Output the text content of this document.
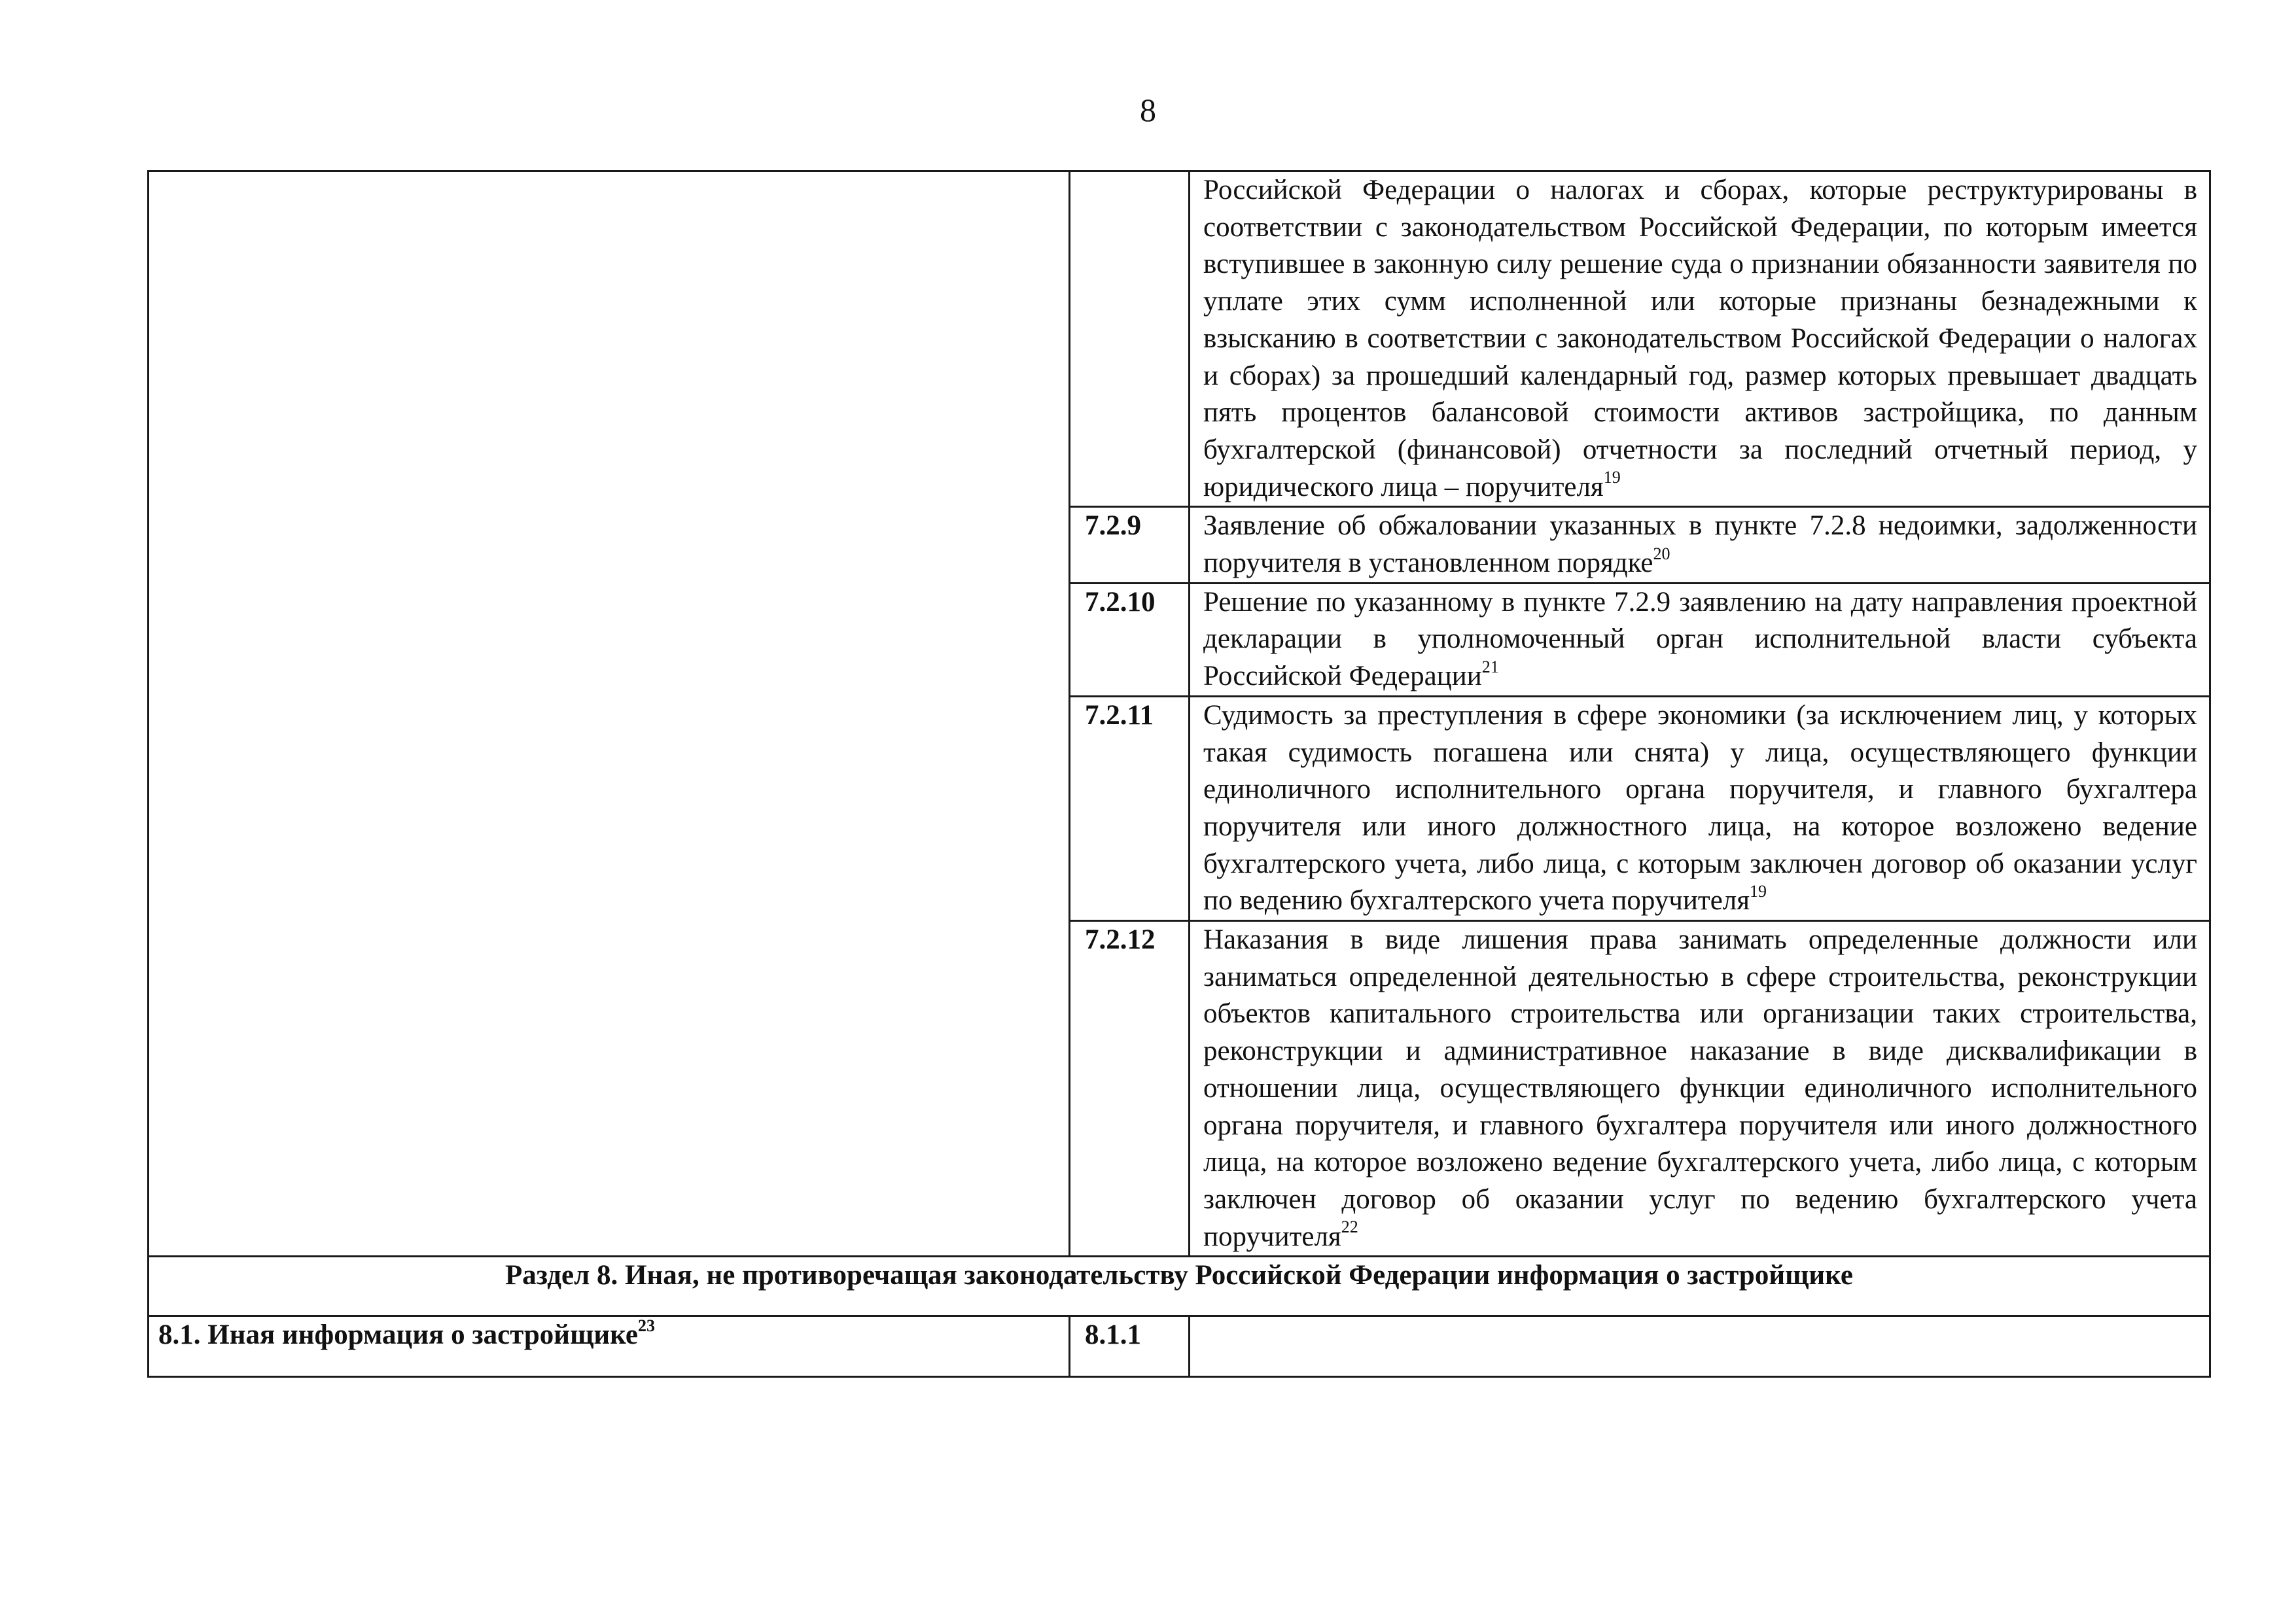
8
		Российской Федерации о налогах и сборах, которые реструктурированы в соответствии с законодательством Российской Федерации, по которым имеется вступившее в законную силу решение суда о признании обязанности заявителя по уплате этих сумм исполненной или которые признаны безнадежными к взысканию в соответствии с законодательством Российской Федерации о налогах и сборах) за прошедший календарный год, размер которых превышает двадцать пять процентов балансовой стоимости активов застройщика, по данным бухгалтерской (финансовой) отчетности за последний отчетный период, у юридического лица – поручителя$^{19}$
	7.2.9	Заявление об обжаловании указанных в пункте 7.2.8 недоимки, задолженности поручителя в установленном порядке$^{20}$
	7.2.10	Решение по указанному в пункте 7.2.9 заявлению на дату направления проектной декларации в уполномоченный орган исполнительной власти субъекта Российской Федерации$^{21}$
	7.2.11	Судимость за преступления в сфере экономики (за исключением лиц, у которых такая судимость погашена или снята) у лица, осуществляющего функции единоличного исполнительного органа поручителя, и главного бухгалтера поручителя или иного должностного лица, на которое возложено ведение бухгалтерского учета, либо лица, с которым заключен договор об оказании услуг по ведению бухгалтерского учета поручителя$^{19}$
	7.2.12	Наказания в виде лишения права занимать определенные должности или заниматься определенной деятельностью в сфере строительства, реконструкции объектов капитального строительства или организации таких строительства, реконструкции и административное наказание в виде дисквалификации в отношении лица, осуществляющего функции единоличного исполнительного органа поручителя, и главного бухгалтера поручителя или иного должностного лица, на которое возложено ведение бухгалтерского учета, либо лица, с которым заключен договор об оказании услуг по ведению бухгалтерского учета поручителя$^{22}$
Раздел 8. Иная, не противоречащая законодательству Российской Федерации информация о застройщике		
8.1. Иная информация о застройщике$^{23}$	8.1.1	
